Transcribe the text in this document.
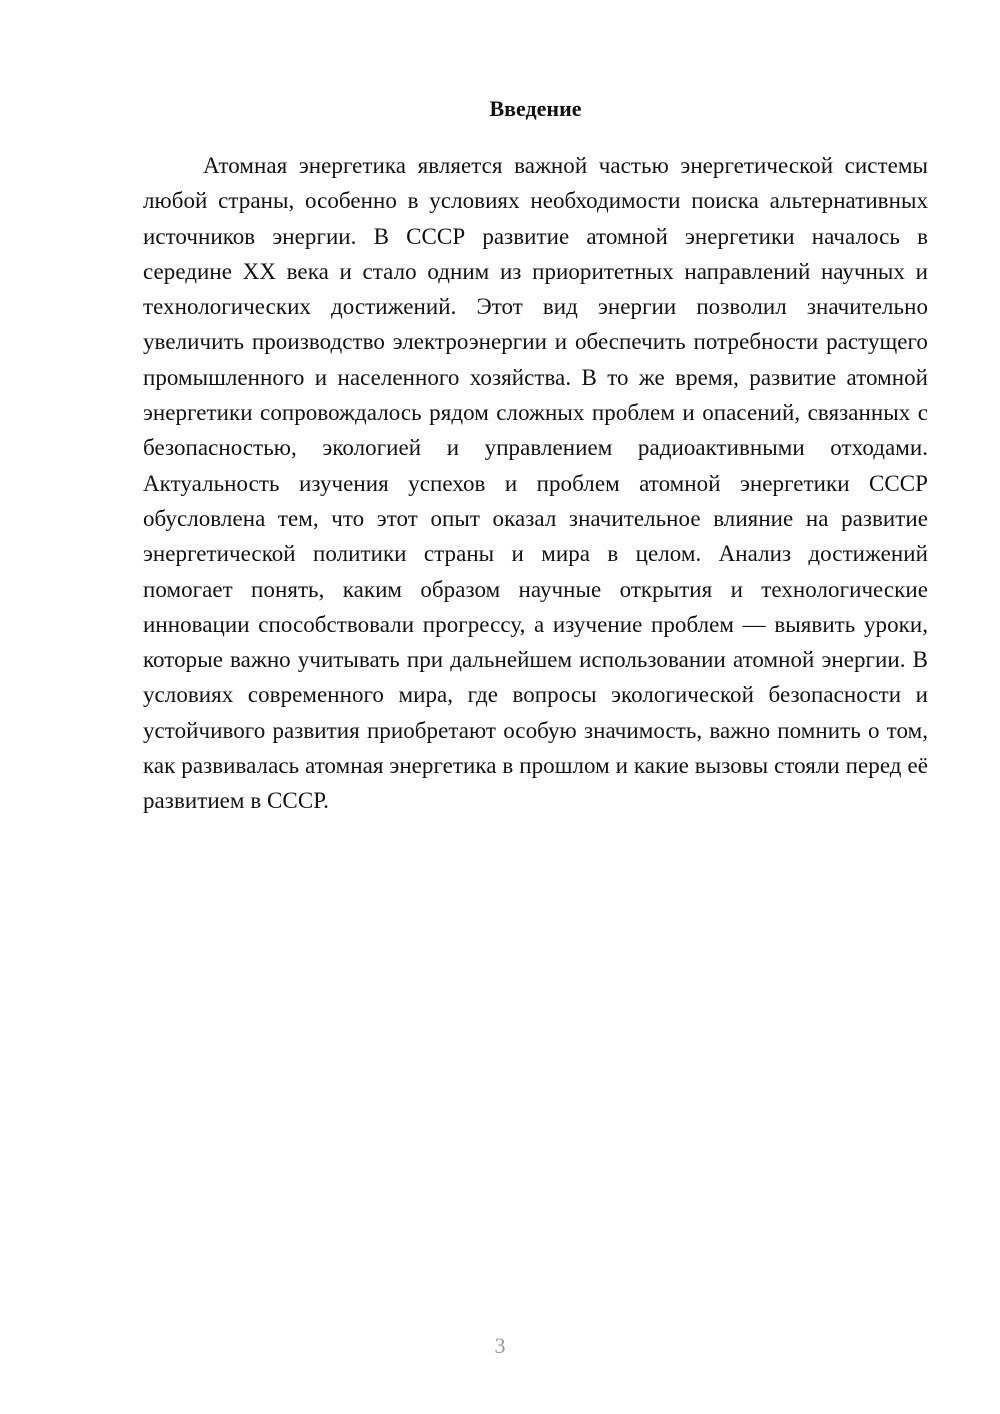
Введение

Атомная энергетика является важной частью энергетической системы любой страны, особенно в условиях необходимости поиска альтернативных источников энергии. В СССР развитие атомной энергетики началось в середине XX века и стало одним из приоритетных направлений научных и технологических достижений. Этот вид энергии позволил значительно увеличить производство электроэнергии и обеспечить потребности растущего промышленного и населенного хозяйства. В то же время, развитие атомной энергетики сопровождалось рядом сложных проблем и опасений, связанных с безопасностью, экологией и управлением радиоактивными отходами. Актуальность изучения успехов и проблем атомной энергетики СССР обусловлена тем, что этот опыт оказал значительное влияние на развитие энергетической политики страны и мира в целом. Анализ достижений помогает понять, каким образом научные открытия и технологические инновации способствовали прогрессу, а изучение проблем — выявить уроки, которые важно учитывать при дальнейшем использовании атомной энергии. В условиях современного мира, где вопросы экологической безопасности и устойчивого развития приобретают особую значимость, важно помнить о том, как развивалась атомная энергетика в прошлом и какие вызовы стояли перед её развитием в СССР.

3
